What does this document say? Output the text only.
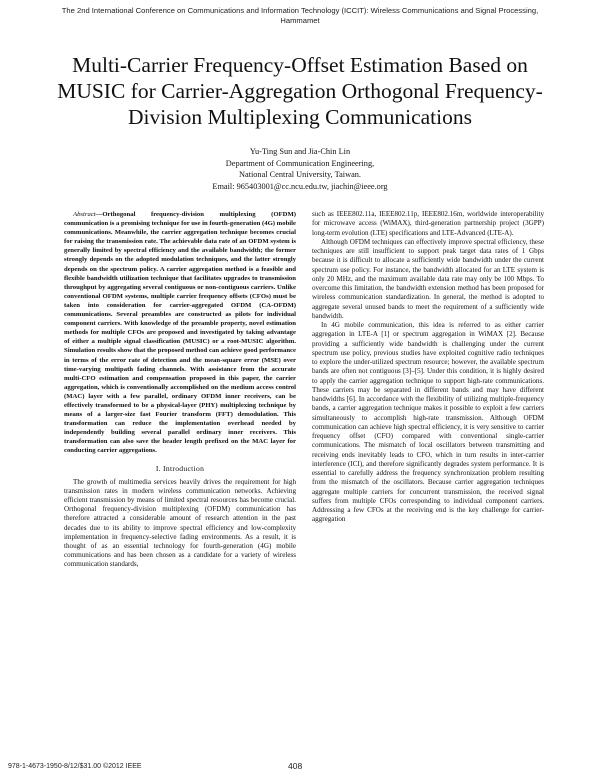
The 2nd International Conference on Communications and Information Technology (ICCIT): Wireless Communications and Signal Processing, Hammamet
Multi-Carrier Frequency-Offset Estimation Based on MUSIC for Carrier-Aggregation Orthogonal Frequency-Division Multiplexing Communications
Yu-Ting Sun and Jia-Chin Lin
Department of Communication Engineering,
National Central University, Taiwan.
Email: 965403001@cc.ncu.edu.tw, jiachin@ieee.org

Abstract—Orthogonal frequency-division multiplexing (OFDM) communication is a promising technique for use in fourth-generation (4G) mobile communications. Meanwhile, the carrier aggregation technique becomes crucial for raising the transmission rate. The achievable data rate of an OFDM system is generally limited by spectral efficiency and the available bandwidth; the former strongly depends on the adopted modulation techniques, and the latter strongly depends on the spectrum policy. A carrier aggregation method is a feasible and flexible bandwidth utilization technique that facilitates upgrades to transmission throughput by aggregating several contiguous or non-contiguous carriers. Unlike conventional OFDM systems, multiple carrier frequency offsets (CFOs) must be taken into consideration for carrier-aggregated OFDM (CA-OFDM) communications. Several preambles are constructed as pilots for individual component carriers. With knowledge of the preamble property, novel estimation methods for multiple CFOs are proposed and investigated by taking advantage of either a multiple signal classification (MUSIC) or a root-MUSIC algorithm. Simulation results show that the proposed method can achieve good performance in terms of the error rate of detection and the mean-square error (MSE) over time-varying multipath fading channels. With assistance from the accurate multi-CFO estimation and compensation proposed in this paper, the carrier aggregation, which is conventionally accomplished on the medium access control (MAC) layer with a few parallel, ordinary OFDM inner receivers, can be effectively transformed to be a physical-layer (PHY) multiplexing technique by means of a larger-size fast Fourier transform (FFT) demodulation. This transformation can reduce the implementation overhead needed by independently building several parallel ordinary inner receivers. This transformation can also save the header length prefixed on the MAC layer for conducting carrier aggregations.

I. Introduction

The growth of multimedia services heavily drives the requirement for high transmission rates in modern wireless communication networks. Achieving efficient transmission by means of limited spectral resources has become crucial. Orthogonal frequency-division multiplexing (OFDM) communication has therefore attracted a considerable amount of research attention in the past decades due to its ability to improve spectral efficiency and low-complexity implementation in frequency-selective fading environments. As a result, it is thought of as an essential technology for fourth-generation (4G) mobile communications and has been chosen as a candidate for a variety of wireless communication standards,

such as IEEE802.11a, IEEE802.11p, IEEE802.16m, worldwide interoperability for microwave access (WiMAX), third-generation partnership project (3GPP) long-term evolution (LTE) specifications and LTE-Advanced (LTE-A).

Although OFDM techniques can effectively improve spectral efficiency, these techniques are still insufficient to support peak target data rates of 1 Gbps because it is difficult to allocate a sufficiently wide bandwidth under the current spectrum use policy. For instance, the bandwidth allocated for an LTE system is only 20 MHz, and the maximum available data rate may only be 100 Mbps. To overcome this limitation, the bandwidth extension method has been proposed for wireless communication standardization. In general, the method is adopted to aggregate several unused bands to meet the requirement of a sufficiently wide bandwidth.

In 4G mobile communication, this idea is referred to as either carrier aggregation in LTE-A [1] or spectrum aggregation in WiMAX [2]. Because providing a sufficiently wide bandwidth is challenging under the current spectrum use policy, previous studies have exploited cognitive radio techniques to explore the under-utilized spectrum resource; however, the available spectrum bands are often not contiguous [3]–[5]. Under this condition, it is highly desired to apply the carrier aggregation technique to support high-rate communications. These carriers may be separated in different bands and may have different bandwidths [6]. In accordance with the flexibility of utilizing multiple-frequency bands, a carrier aggregation technique makes it possible to exploit a few carriers simultaneously to accomplish high-rate transmission. Although OFDM communication can achieve high spectral efficiency, it is very sensitive to carrier frequency offset (CFO) compared with conventional single-carrier communications. The mismatch of local oscillators between transmitting and receiving ends inevitably leads to CFO, which in turn results in inter-carrier interference (ICI), and therefore significantly degrades system performance. It is essential to carefully address the frequency synchronization problem resulting from the mismatch of the oscillators. Because carrier aggregation techniques aggregate multiple carriers for concurrent transmission, the received signal suffers from multiple CFOs corresponding to individual component carriers. Addressing a few CFOs at the receiving end is the key challenge for carrier-aggregation

978-1-4673-1950-8/12/$31.00 ©2012 IEEE	408
